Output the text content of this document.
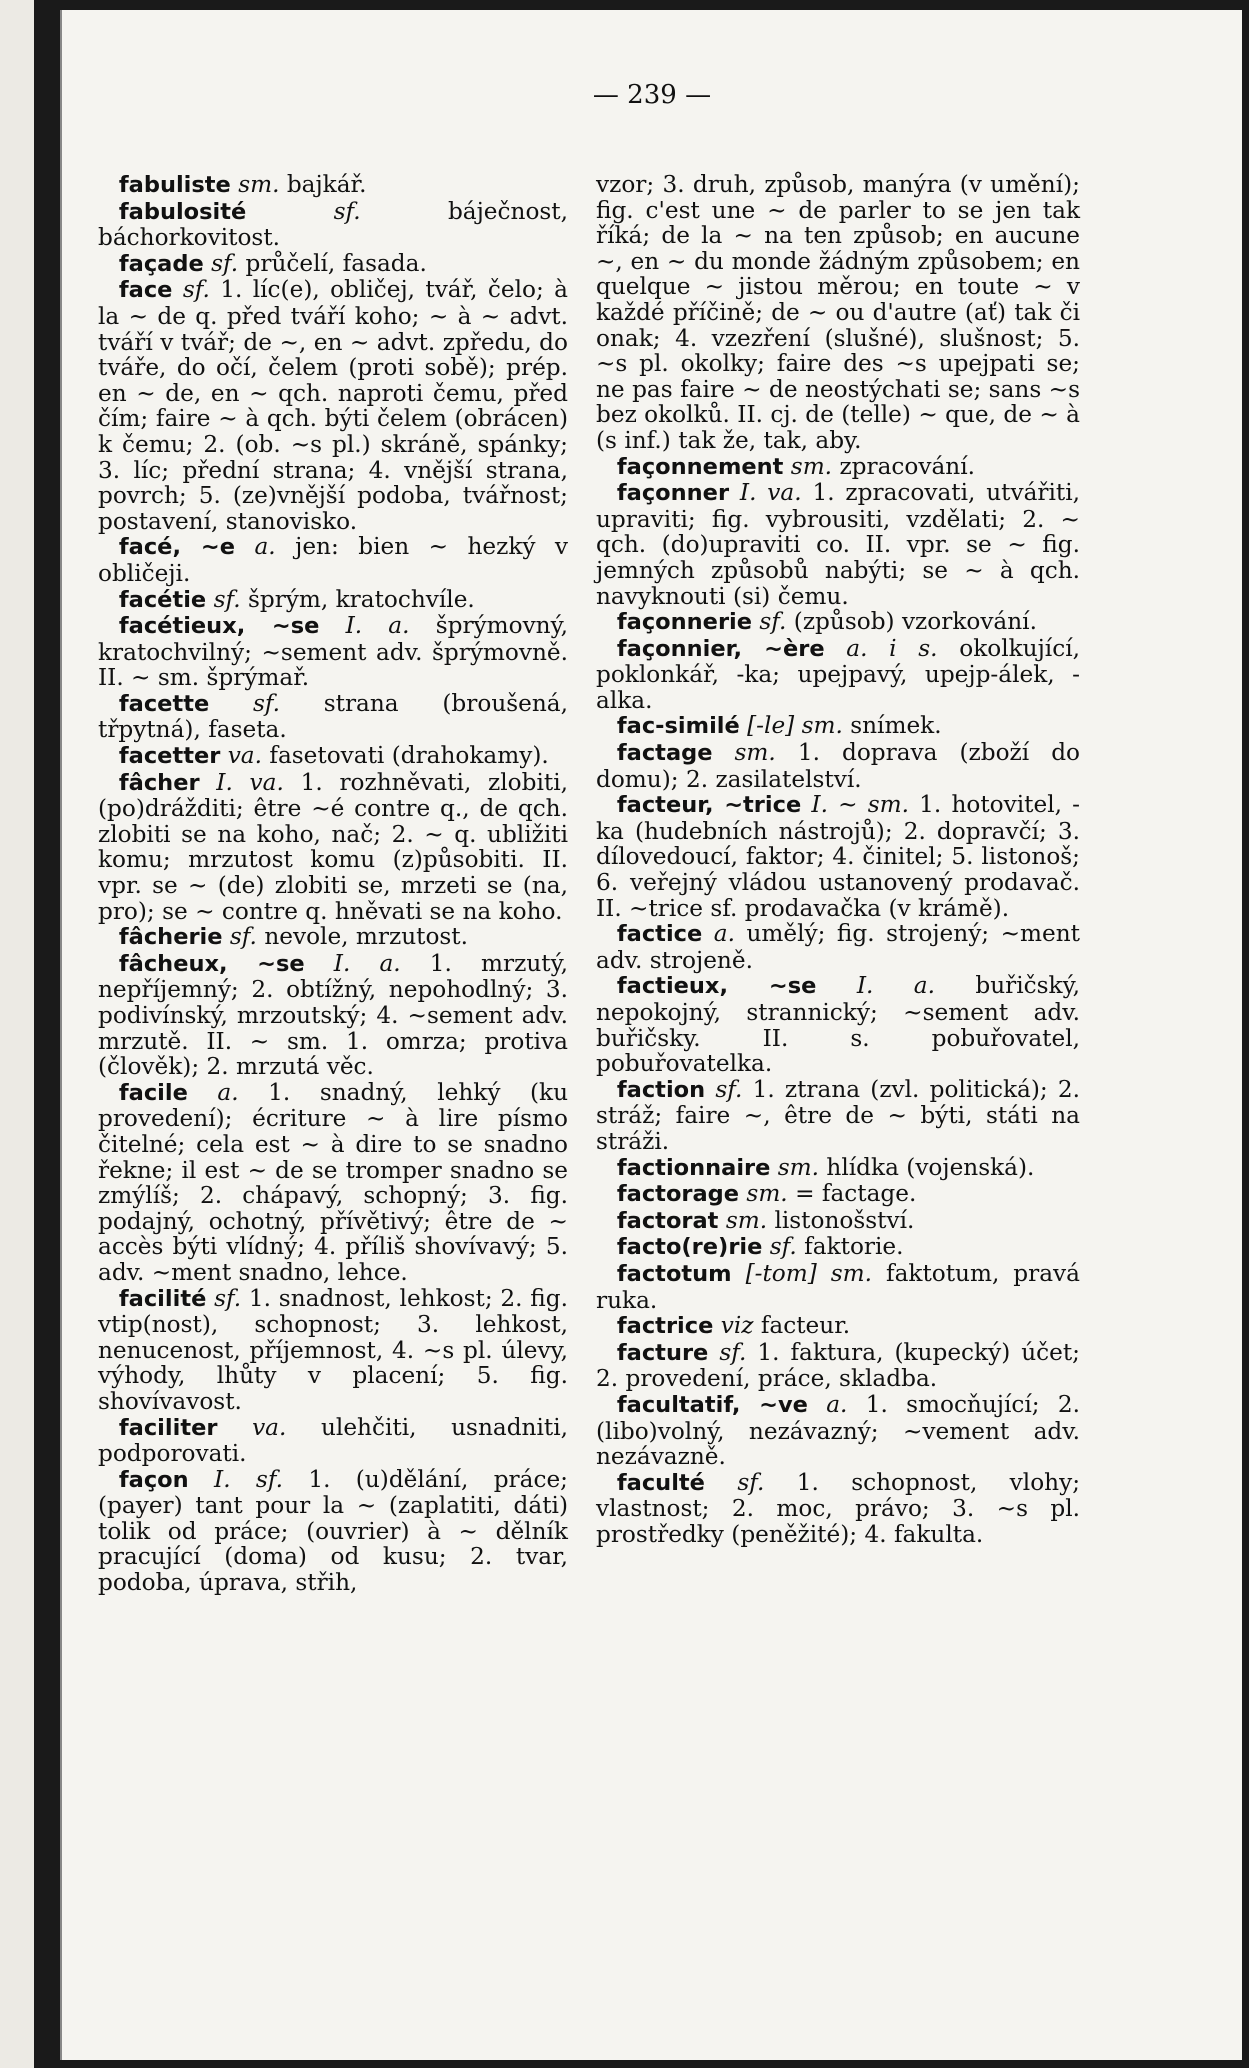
— 239 —

fabuliste sm. bajkář.

fabulosité	sf.	báječnost, báchorkovitost.

façade sf. průčelí, fasada.

face sf. 1. líc(e), obličej, tvář, čelo; à la ~ de q. před tváří koho; ~ à ~ advt. tváří v tvář; de ~, en ~ advt. zpředu, do tváře, do očí, čelem (proti sobě); prép. en ~ de, en ~ qch. naproti čemu, před čím; faire ~ à qch. býti čelem (obrácen) k čemu; 2. (ob. ~s pl.) skráně, spánky; 3. líc; přední strana; 4. vnější strana, povrch; 5. (ze)vnější podoba, tvářnost; postavení, stanovisko.

facé, ~e a. jen: bien ~ hezký v obličeji.

facétie sf. šprým, kratochvíle.

facétieux, ~se I. a. šprýmovný, kratochvilný; ~sement adv. šprýmovně. II. ~ sm. šprýmař.

facette sf. strana (broušená, třpytná), faseta.

facetter va. fasetovati (drahokamy).

fâcher I. va. 1. rozhněvati, zlobiti, (po)drážditi; être ~é contre q., de qch. zlobiti se na koho, nač; 2. ~ q. ubližiti komu; mrzutost komu (z)působiti. II. vpr. se ~ (de) zlobiti se, mrzeti se (na, pro); se ~ contre q. hněvati se na koho.

fâcherie sf. nevole, mrzutost.

fâcheux, ~se I. a. 1. mrzutý, nepříjemný; 2. obtížný, nepohodlný; 3. podivínský, mrzoutský; 4. ~sement adv. mrzutě. II. ~ sm. 1. omrza; protiva (člověk); 2. mrzutá věc.

facile a. 1. snadný, lehký (ku provedení); écriture ~ à lire písmo čitelné; cela est ~ à dire to se snadno řekne; il est ~ de se tromper snadno se zmýlíš; 2. chápavý, schopný; 3. fig. podajný, ochotný, přívětivý; être de ~ accès býti vlídný; 4. příliš shovívavý; 5. adv. ~ment snadno, lehce.

facilité sf. 1. snadnost, lehkost; 2. fig. vtip(nost), schopnost; 3. lehkost, nenucenost, příjemnost, 4. ~s pl. úlevy, výhody, lhůty v placení; 5. fig. shovívavost.

faciliter va. ulehčiti, usnadniti, podporovati.

façon I. sf. 1. (u)dělání, práce; (payer) tant pour la ~ (zaplatiti, dáti) tolik od práce; (ouvrier) à ~ dělník pracující (doma) od kusu; 2. tvar, podoba, úprava, střih,

vzor; 3. druh, způsob, manýra (v umění); fig. c'est une ~ de parler to se jen tak říká; de la ~ na ten způsob; en aucune ~, en ~ du monde žádným způsobem; en quelque ~ jistou měrou; en toute ~ v každé příčině; de ~ ou d'autre (ať) tak či onak; 4. vzezření (slušné), slušnost; 5. ~s pl. okolky; faire des ~s upejpati se; ne pas faire ~ de neostýchati se; sans ~s bez okolků. II. cj. de (telle) ~ que, de ~ à (s inf.) tak že, tak, aby.

façonnement sm. zpracování.

façonner I. va. 1. zpracovati, utvářiti, upraviti; fig. vybrousiti, vzdělati; 2. ~ qch. (do)upraviti co. II. vpr. se ~ fig. jemných způsobů nabýti; se ~ à qch. navyknouti (si) čemu.

façonnerie sf. (způsob) vzorkování.

façonnier, ~ère a. i s. okolkující, poklonkář, -ka; upejpavý, upejp-álek, -alka.

fac-similé [-le] sm. snímek.

factage sm. 1. doprava (zboží do domu); 2. zasilatelství.

facteur, ~trice I. ~ sm. 1. hotovitel, -ka (hudebních nástrojů); 2. dopravčí; 3. dílovedoucí, faktor; 4. činitel; 5. listonoš; 6. veřejný vládou ustanovený prodavač. II. ~trice sf. prodavačka (v krámě).

factice a. umělý; fig. strojený; ~ment adv. strojeně.

factieux, ~se I. a. buřičský, nepokojný, strannický; ~sement adv. buřičsky. II. s. pobuřovatel, pobuřovatelka.

faction sf. 1. ztrana (zvl. politická); 2. stráž; faire ~, être de ~ býti, státi na stráži.

factionnaire sm. hlídka (vojenská).

factorage sm. = factage.

factorat sm. listonošství.

facto(re)rie sf. faktorie.

factotum [-tom] sm. faktotum, pravá ruka.

factrice viz facteur.

facture sf. 1. faktura, (kupecký) účet; 2. provedení, práce, skladba.

facultatif, ~ve a. 1. smocňující; 2. (libo)volný, nezávazný; ~vement adv. nezávazně.

faculté sf. 1. schopnost, vlohy; vlastnost; 2. moc, právo; 3. ~s pl. prostředky (peněžité); 4. fakulta.
